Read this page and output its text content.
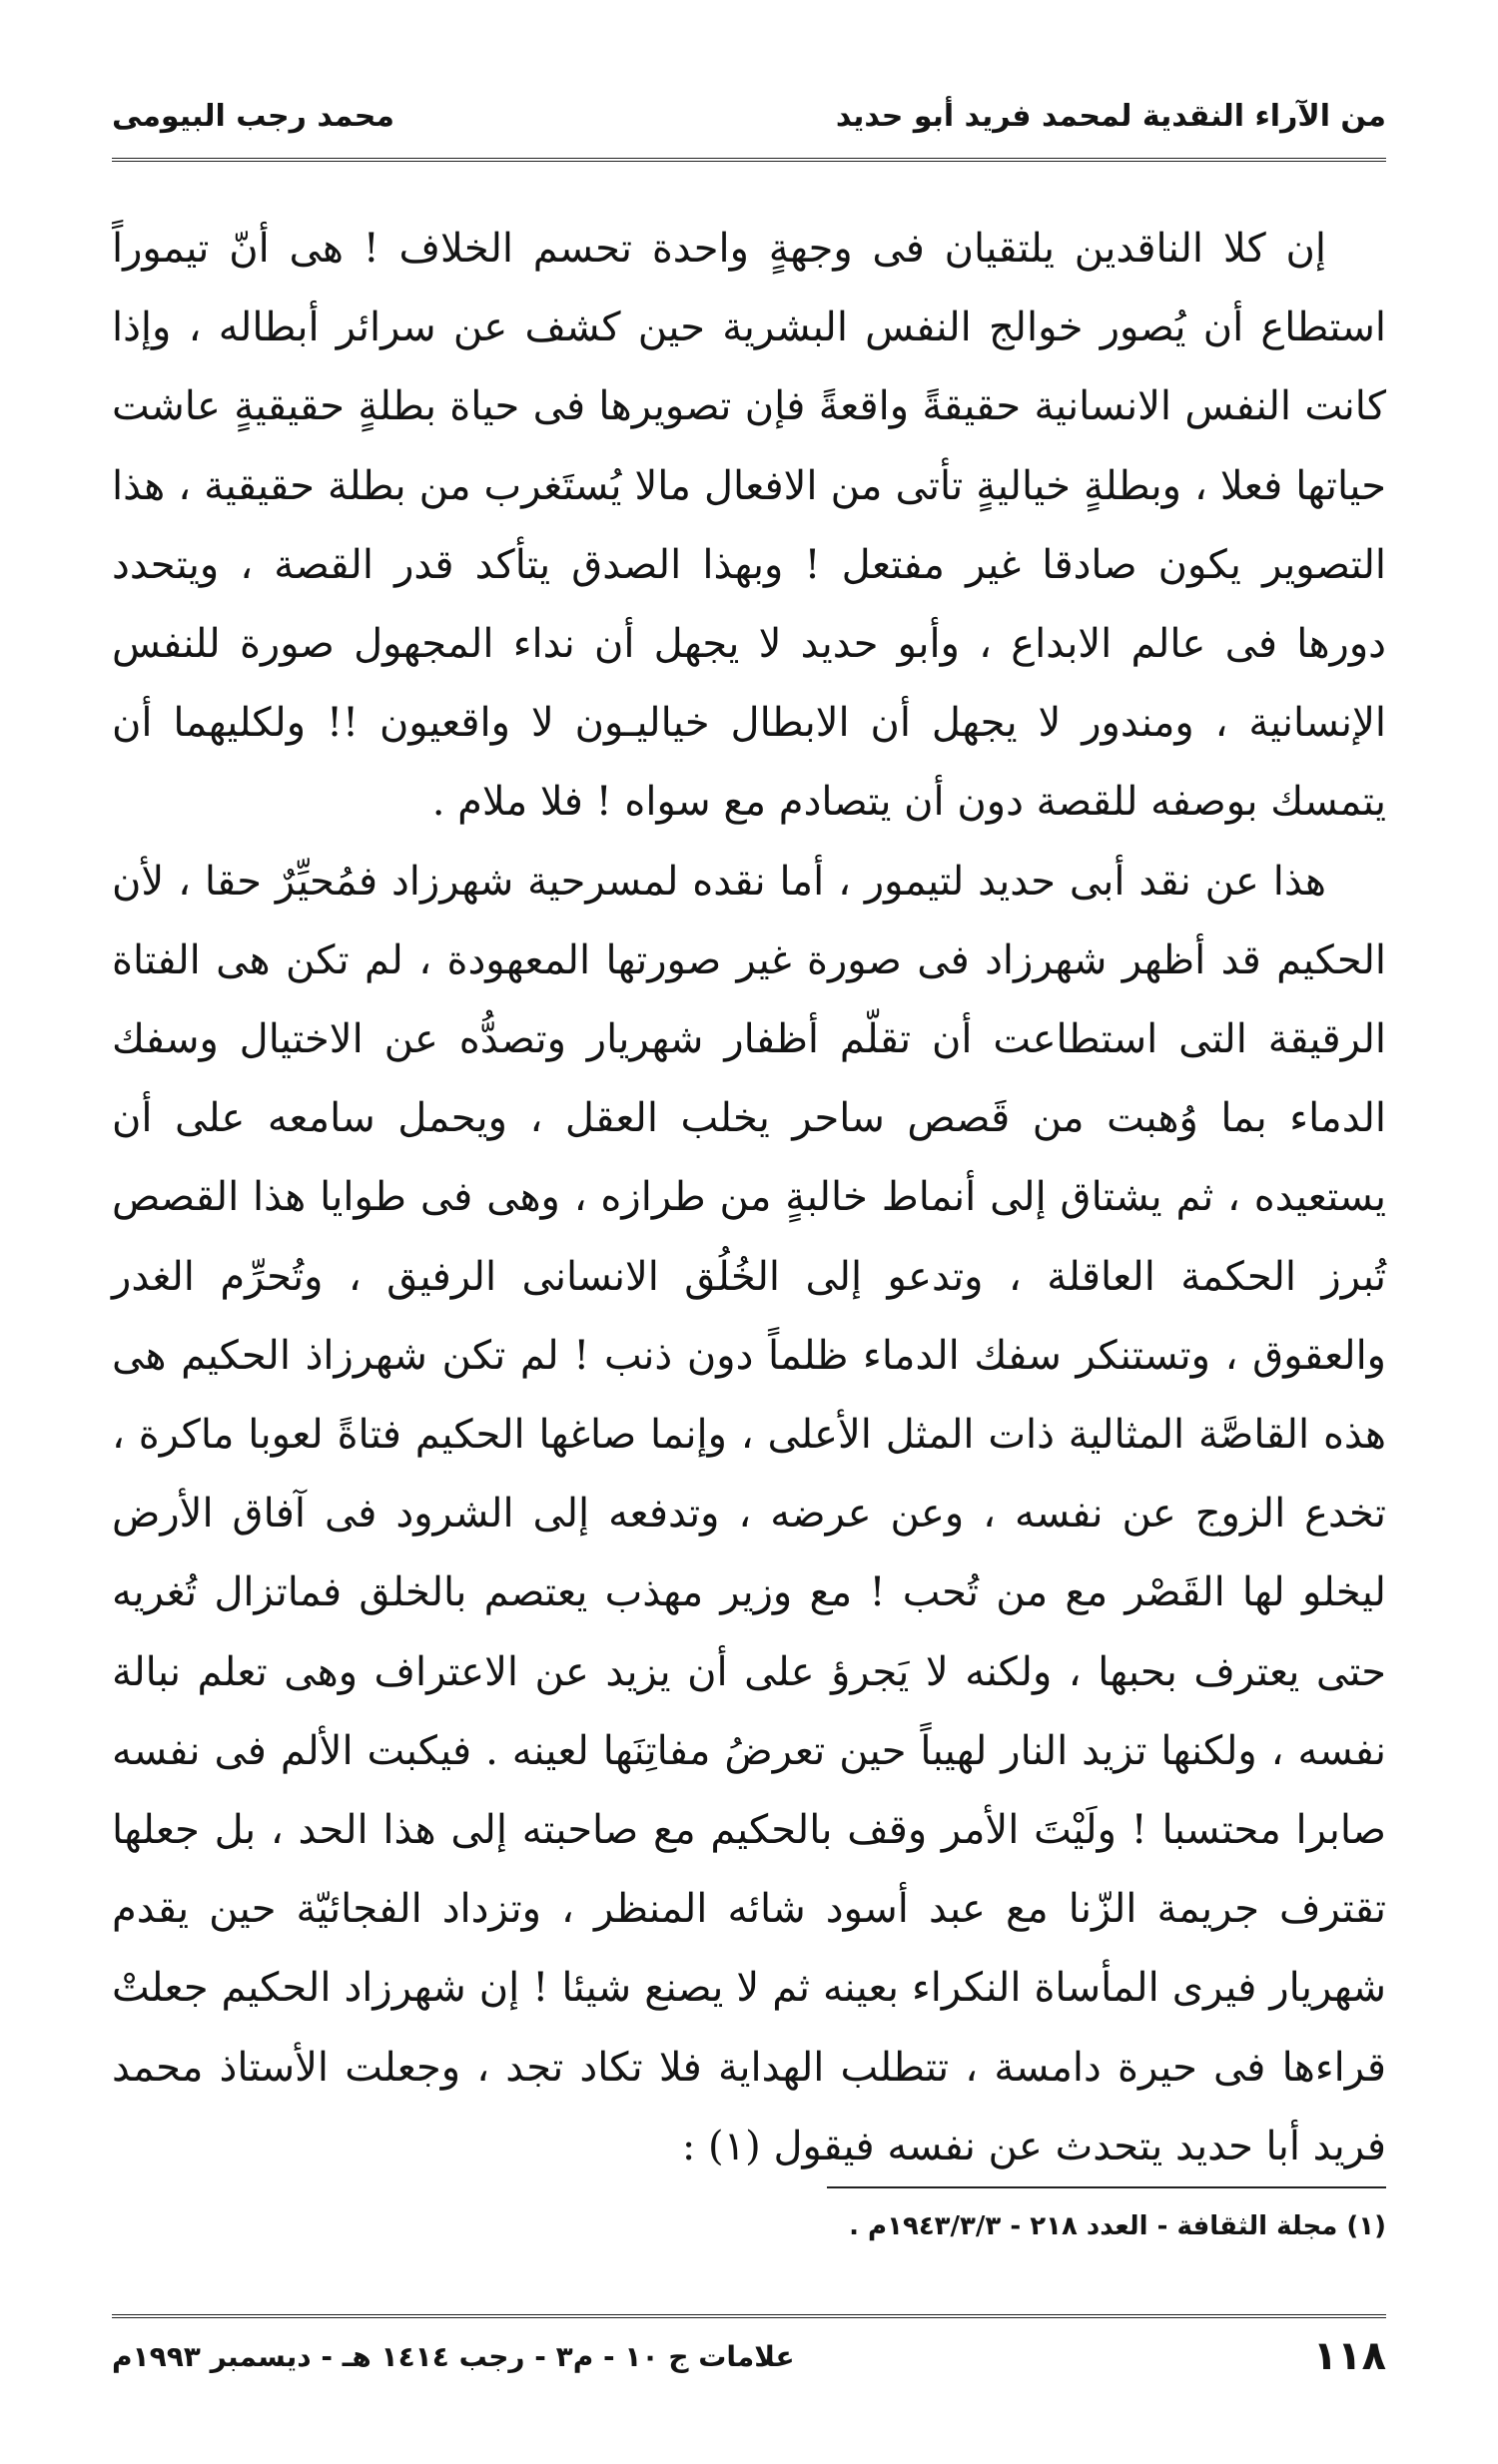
من الآراء النقدية لمحمد فريد أبو حديد
محمد رجب البيومى

إن كلا الناقدين يلتقيان فى وجهةٍ واحدة تحسم الخلاف ! هى أنّ تيموراً استطاع أن يُصور خوالج النفس البشرية حين كشف عن سرائر أبطاله ، وإذا كانت النفس الانسانية حقيقةً واقعةً فإن تصويرها فى حياة بطلةٍ حقيقيةٍ عاشت حياتها فعلا ، وبطلةٍ خياليةٍ تأتى من الافعال مالا يُستَغرب من بطلة حقيقية ، هذا التصوير يكون صادقا غير مفتعل ! وبهذا الصدق يتأكد قدر القصة ، ويتحدد دورها فى عالم الابداع ، وأبو حديد لا يجهل أن نداء المجهول صورة للنفس الإنسانية ، ومندور لا يجهل أن الابطال خياليـون لا واقعيون !! ولكليهما أن يتمسك بوصفه للقصة دون أن يتصادم مع سواه ! فلا ملام .

هذا عن نقد أبى حديد لتيمور ، أما نقده لمسرحية شهرزاد فمُحيِّرٌ حقا ، لأن الحكيم قد أظهر شهرزاد فى صورة غير صورتها المعهودة ، لم تكن هى الفتاة الرقيقة التى استطاعت أن تقلّم أظفار شهريار وتصدُّه عن الاختيال وسفك الدماء بما وُهبت من قَصص ساحر يخلب العقل ، ويحمل سامعه على أن يستعيده ، ثم يشتاق إلى أنماط خالبةٍ من طرازه ، وهى فى طوايا هذا القصص تُبرز الحكمة العاقلة ، وتدعو إلى الخُلُق الانسانى الرفيق ، وتُحرِّم الغدر والعقوق ، وتستنكر سفك الدماء ظلماً دون ذنب ! لم تكن شهرزاذ الحكيم هى هذه القاصَّة المثالية ذات المثل الأعلى ، وإنما صاغها الحكيم فتاةً لعوبا ماكرة ، تخدع الزوج عن نفسه ، وعن عرضه ، وتدفعه إلى الشرود فى آفاق الأرض ليخلو لها القَصْر مع من تُحب ! مع وزير مهذب يعتصم بالخلق فماتزال تُغريه حتى يعترف بحبها ، ولكنه لا يَجرؤ على أن يزيد عن الاعتراف وهى تعلم نبالة نفسه ، ولكنها تزيد النار لهيباً حين تعرضُ مفاتِنَها لعينه . فيكبت الألم فى نفسه صابرا محتسبا ! ولَيْتَ الأمر وقف بالحكيم مع صاحبته إلى هذا الحد ، بل جعلها تقترف جريمة الزّنا مع عبد أسود شائه المنظر ، وتزداد الفجائيّة حين يقدم شهريار فيرى المأساة النكراء بعينه ثم لا يصنع شيئا ! إن شهرزاد الحكيم جعلتْ قراءها فى حيرة دامسة ، تتطلب الهداية فلا تكاد تجد ، وجعلت الأستاذ محمد فريد أبا حديد يتحدث عن نفسه فيقول (١) :

(١) مجلة الثقافة - العدد ٢١٨ - ١٩٤٣/٣/٣م .
١١٨
علامات ج ١٠ - م٣ - رجب ١٤١٤ هـ - ديسمبر ١٩٩٣م
